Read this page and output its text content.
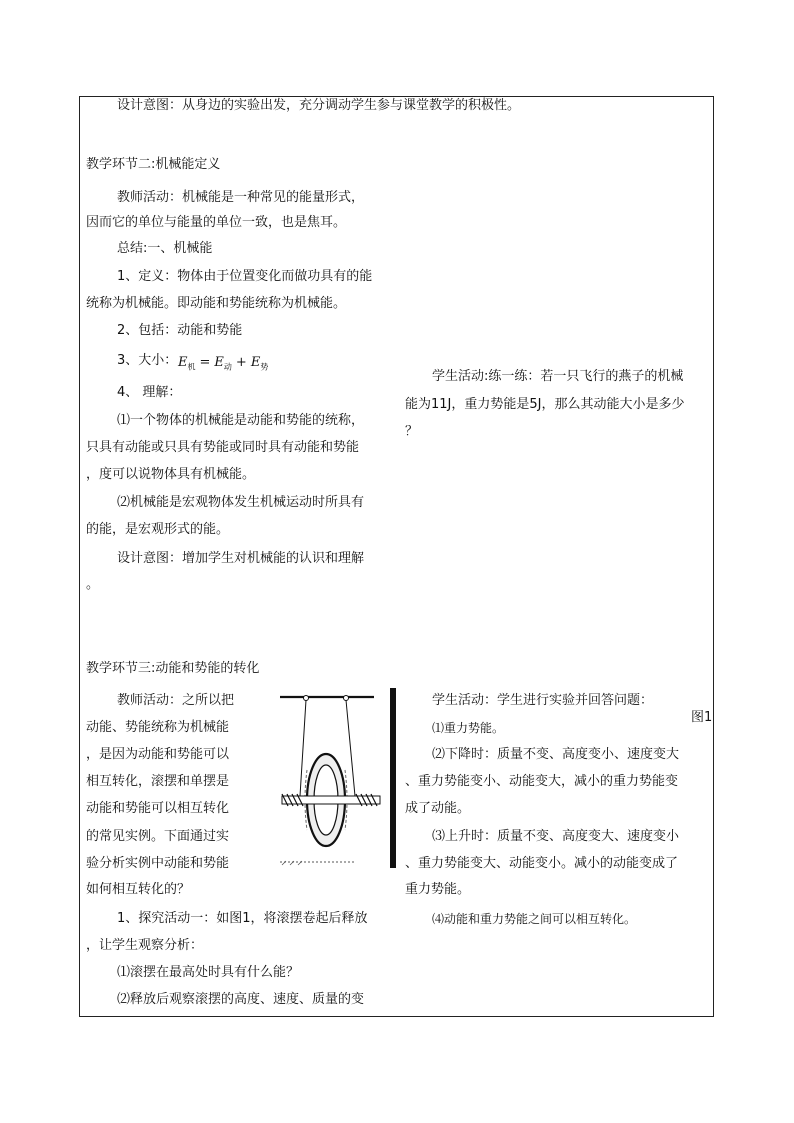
设计意图：从身边的实验出发，充分调动学生参与课堂教学的积极性。
教学环节二:机械能定义
教师活动：机械能是一种常见的能量形式，
因而它的单位与能量的单位一致，也是焦耳。
总结:一、机械能
1、定义：物体由于位置变化而做功具有的能
统称为机械能。即动能和势能统称为机械能。
2、包括：动能和势能
3、大小： $E_机 = E_动 + E_势$
4、 理解：
⑴一个物体的机械能是动能和势能的统称，
只具有动能或只具有势能或同时具有动能和势能
，度可以说物体具有机械能。
⑵机械能是宏观物体发生机械运动时所具有
的能，是宏观形式的能。
设计意图：增加学生对机械能的认识和理解
。
教学环节三:动能和势能的转化
教师活动：之所以把
动能、势能统称为机械能
，是因为动能和势能可以
相互转化，滚摆和单摆是
动能和势能可以相互转化
的常见实例。下面通过实
验分析实例中动能和势能
如何相互转化的？
1、探究活动一：如图1，将滚摆卷起后释放
，让学生观察分析：
⑴滚摆在最高处时具有什么能？
⑵释放后观察滚摆的高度、速度、质量的变
学生活动:练一练：若一只飞行的燕子的机械
能为11J，重力势能是5J，那么其动能大小是多少
？
学生活动：学生进行实验并回答问题：
图1
⑴重力势能。
⑵下降时：质量不变、高度变小、速度变大
、重力势能变小、动能变大，减小的重力势能变
成了动能。
⑶上升时：质量不变、高度变大、速度变小
、重力势能变大、动能变小。减小的动能变成了
重力势能。
⑷动能和重力势能之间可以相互转化。
